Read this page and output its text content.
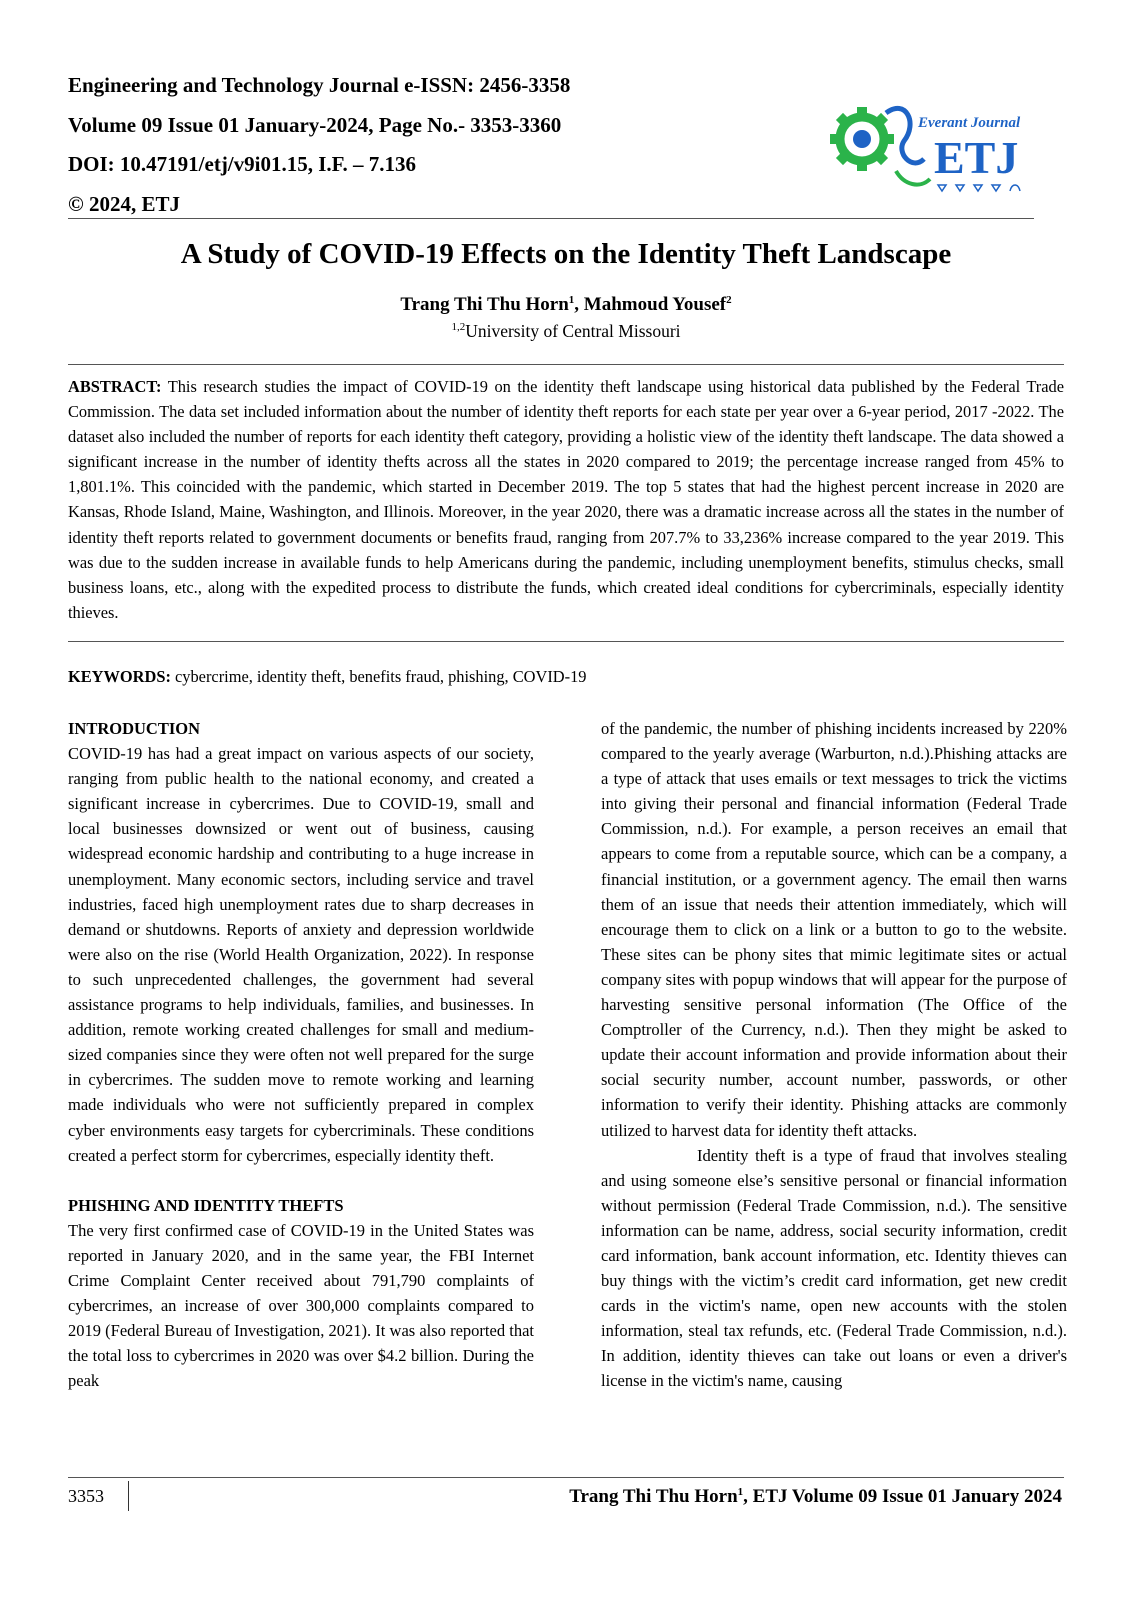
Engineering and Technology Journal e-ISSN: 2456-3358
Volume 09 Issue 01 January-2024, Page No.- 3353-3360
DOI: 10.47191/etj/v9i01.15, I.F. – 7.136
© 2024, ETJ
Everant Journal
ETJ
A Study of COVID-19 Effects on the Identity Theft Landscape
Trang Thi Thu Horn$^1$, Mahmoud Yousef$^2$
$^{1,2}$University of Central Missouri
ABSTRACT: This research studies the impact of COVID-19 on the identity theft landscape using historical data published by the Federal Trade Commission. The data set included information about the number of identity theft reports for each state per year over a 6-year period, 2017 -2022. The dataset also included the number of reports for each identity theft category, providing a holistic view of the identity theft landscape. The data showed a significant increase in the number of identity thefts across all the states in 2020 compared to 2019; the percentage increase ranged from 45% to 1,801.1%. This coincided with the pandemic, which started in December 2019. The top 5 states that had the highest percent increase in 2020 are Kansas, Rhode Island, Maine, Washington, and Illinois. Moreover, in the year 2020, there was a dramatic increase across all the states in the number of identity theft reports related to government documents or benefits fraud, ranging from 207.7% to 33,236% increase compared to the year 2019. This was due to the sudden increase in available funds to help Americans during the pandemic, including unemployment benefits, stimulus checks, small business loans, etc., along with the expedited process to distribute the funds, which created ideal conditions for cybercriminals, especially identity thieves.
KEYWORDS: cybercrime, identity theft, benefits fraud, phishing, COVID-19
INTRODUCTION

COVID-19 has had a great impact on various aspects of our society, ranging from public health to the national economy, and created a significant increase in cybercrimes. Due to COVID-19, small and local businesses downsized or went out of business, causing widespread economic hardship and contributing to a huge increase in unemployment. Many economic sectors, including service and travel industries, faced high unemployment rates due to sharp decreases in demand or shutdowns. Reports of anxiety and depression worldwide were also on the rise (World Health Organization, 2022). In response to such unprecedented challenges, the government had several assistance programs to help individuals, families, and businesses. In addition, remote working created challenges for small and medium-sized companies since they were often not well prepared for the surge in cybercrimes. The sudden move to remote working and learning made individuals who were not sufficiently prepared in complex cyber environments easy targets for cybercriminals. These conditions created a perfect storm for cybercrimes, especially identity theft.

PHISHING AND IDENTITY THEFTS

The very first confirmed case of COVID-19 in the United States was reported in January 2020, and in the same year, the FBI Internet Crime Complaint Center received about 791,790 complaints of cybercrimes, an increase of over 300,000 complaints compared to 2019 (Federal Bureau of Investigation, 2021). It was also reported that the total loss to cybercrimes in 2020 was over $4.2 billion. During the peak

of the pandemic, the number of phishing incidents increased by 220% compared to the yearly average (Warburton, n.d.).Phishing attacks are a type of attack that uses emails or text messages to trick the victims into giving their personal and financial information (Federal Trade Commission, n.d.). For example, a person receives an email that appears to come from a reputable source, which can be a company, a financial institution, or a government agency. The email then warns them of an issue that needs their attention immediately, which will encourage them to click on a link or a button to go to the website. These sites can be phony sites that mimic legitimate sites or actual company sites with popup windows that will appear for the purpose of harvesting sensitive personal information (The Office of the Comptroller of the Currency, n.d.). Then they might be asked to update their account information and provide information about their social security number, account number, passwords, or other information to verify their identity. Phishing attacks are commonly utilized to harvest data for identity theft attacks.

Identity theft is a type of fraud that involves stealing and using someone else’s sensitive personal or financial information without permission (Federal Trade Commission, n.d.). The sensitive information can be name, address, social security information, credit card information, bank account information, etc. Identity thieves can buy things with the victim’s credit card information, get new credit cards in the victim's name, open new accounts with the stolen information, steal tax refunds, etc. (Federal Trade Commission, n.d.). In addition, identity thieves can take out loans or even a driver's license in the victim's name, causing

3353	Trang Thi Thu Horn$^1$, ETJ Volume 09 Issue 01 January 2024
